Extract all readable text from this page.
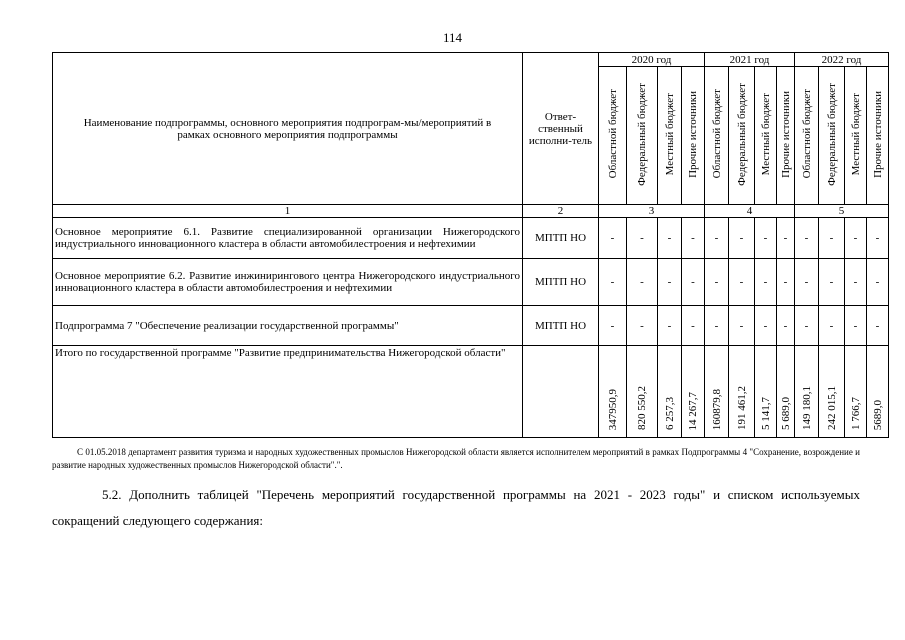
114
Наименование подпрограммы, основного мероприятия подпрограм-мы/мероприятий в рамках основного мероприятия подпрограммы	Ответ-ственный исполни-тель	2020 год				2021 год				2022 год			
		Областной бюджет	Федеральный бюджет	Местный бюджет	Прочие источники	Областной бюджет	Федеральный бюджет	Местный бюджет	Прочие источники	Областной бюджет	Федеральный бюджет	Местный бюджет	Прочие источники
1	2	3				4				5			
Основное мероприятие 6.1. Развитие специализированной организации Нижегородского индустриального инновационного кластера в области автомобилестроения и нефтехимии	МПТП НО	-	-	-	-	-	-	-	-	-	-	-	-
Основное мероприятие 6.2. Развитие инжинирингового центра Нижегородского индустриального инновационного кластера в области автомобилестроения и нефтехимии	МПТП НО	-	-	-	-	-	-	-	-	-	-	-	-
Подпрограмма 7 "Обеспечение реализации государственной программы"	МПТП НО	-	-	-	-	-	-	-	-	-	-	-	-
Итого по государственной программе "Развитие предпринимательства Нижегородской области"		347950,9	820 550,2	6 257,3	14 267,7	160879,8	191 461,2	5 141,7	5 689,0	149 180,1	242 015,1	1 766,7	5689,0
С 01.05.2018 департамент развития туризма и народных художественных промыслов Нижегородской области является исполнителем мероприятий в рамках Подпрограммы 4 "Сохранение, возрождение и развитие народных художественных промыслов Нижегородской области".".
5.2. Дополнить таблицей "Перечень мероприятий государственной программы на 2021 - 2023 годы" и списком используемых сокращений следующего содержания:
